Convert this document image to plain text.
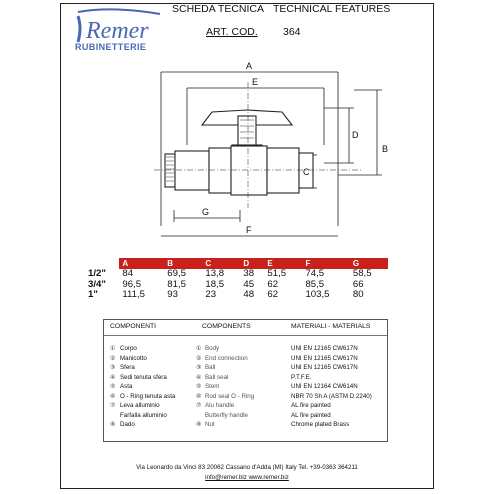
Remer
RUBINETTERIE
SCHEDA TECNICA TECHNICAL FEATURES
ART. COD. 364
A
E
D
B
C
G
F
	A	B	C	D	E	F	G
1/2"	84	69,5	13,8	38	51,5	74,5	58,5
3/4"	96,5	81,5	18,5	45	62	85,5	66
1"	111,5	93	23	48	62	103,5	80
COMPONENTI	COMPONENTS	MATERIALI - MATERIALS
① Corpo	① Body	UNI EN 12165 CW617N
② Manicotto	② End connection	UNI EN 12165 CW617N
③ Sfera	③ Ball	UNI EN 12165 CW617N
④ Sedi tenuta sfera	④ Ball seal	P.T.F.E.
⑤ Asta	⑤ Stem	UNI EN 12164 CW614N
⑥ O - Ring tenuta asta	⑥ Rod seal O - Ring	NBR 70 Sh A (ASTM D 2240)
⑦ Leva alluminio	⑦ Alu handle	AL fire painted
Farfalla alluminio	Butterfly handle	AL fire painted
⑧ Dado	⑧ Nut	Chrome plated Brass
Via Leonardo da Vinci 83 20062 Cassano d'Adda (MI) Italy Tel. +39-0363 364211
info@remer.biz www.remer.biz
